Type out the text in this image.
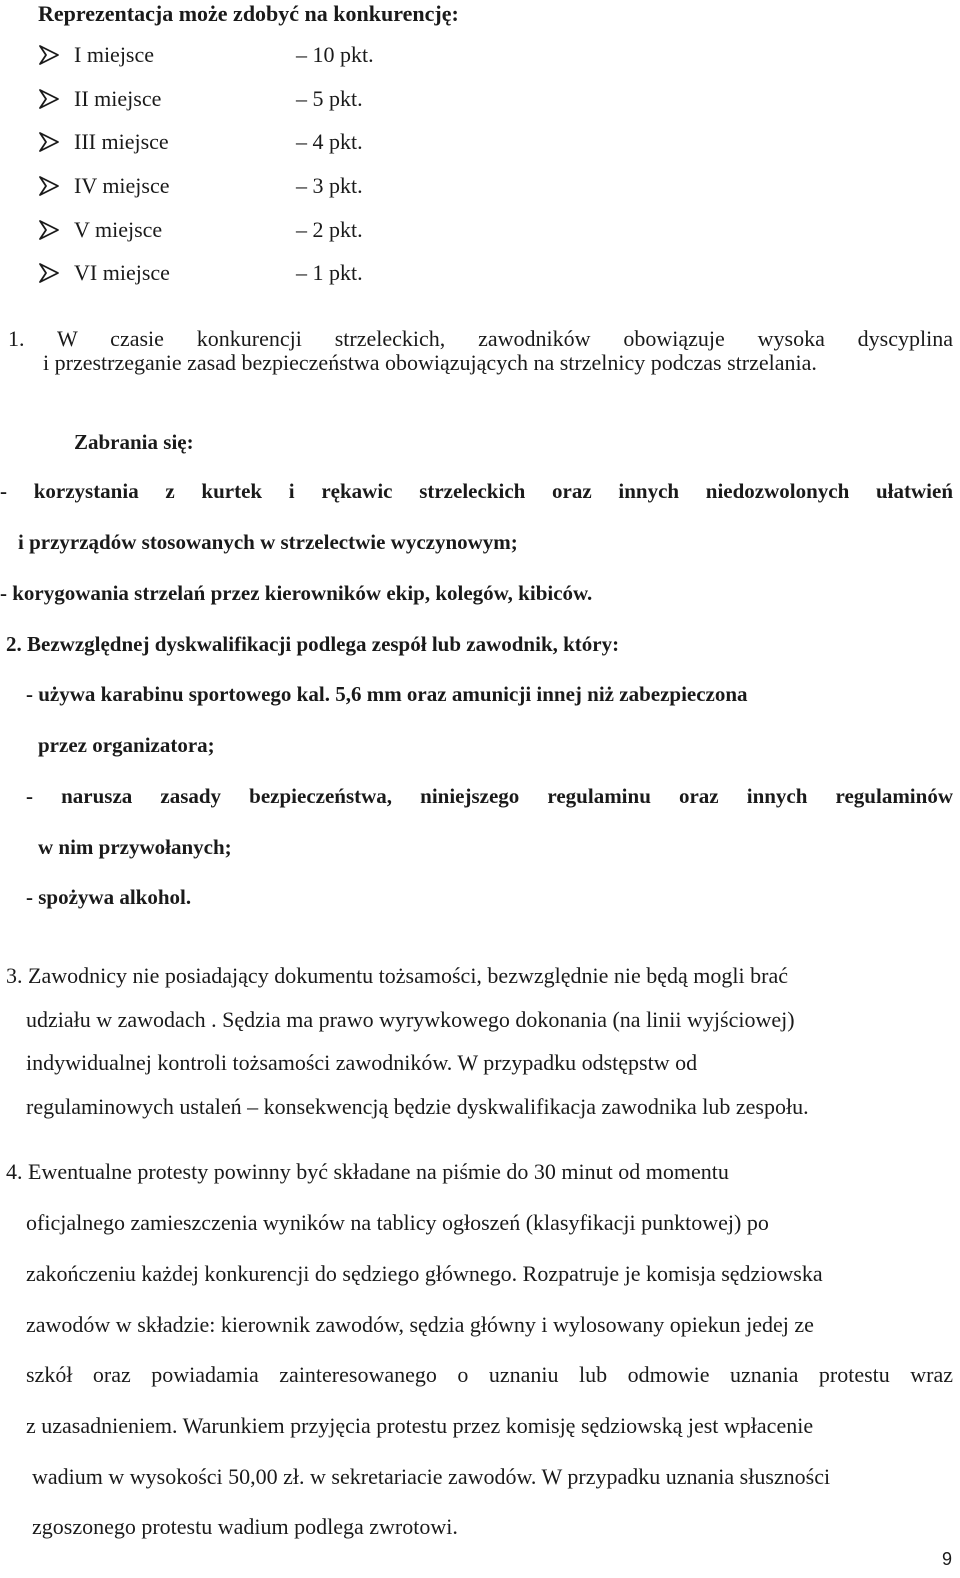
Reprezentacja może zdobyć na konkurencję:
I miejsce	– 10 pkt.
II miejsce	– 5 pkt.
III miejsce	– 4 pkt.
IV miejsce	– 3 pkt.
V miejsce	– 2 pkt.
VI miejsce	– 1 pkt.
1. W czasie konkurencji strzeleckich, zawodników obowiązuje wysoka dyscyplina
i przestrzeganie zasad bezpieczeństwa obowiązujących na strzelnicy podczas strzelania.
Zabrania się:
- korzystania z kurtek i rękawic strzeleckich oraz innych niedozwolonych ułatwień
i przyrządów stosowanych w strzelectwie wyczynowym;
- korygowania strzelań przez kierowników ekip, kolegów, kibiców.
2. Bezwzględnej dyskwalifikacji podlega zespół lub zawodnik, który:
- używa karabinu sportowego kal. 5,6 mm oraz amunicji innej niż zabezpieczona
przez organizatora;
- narusza zasady bezpieczeństwa, niniejszego regulaminu oraz innych regulaminów
w nim przywołanych;
- spożywa alkohol.
3. Zawodnicy nie posiadający dokumentu tożsamości, bezwzględnie nie będą mogli brać
udziału w zawodach . Sędzia ma prawo wyrywkowego dokonania (na linii wyjściowej)
indywidualnej kontroli tożsamości zawodników. W przypadku odstępstw od
regulaminowych ustaleń – konsekwencją będzie dyskwalifikacja zawodnika lub zespołu.
4. Ewentualne protesty powinny być składane na piśmie do 30 minut od momentu
oficjalnego zamieszczenia wyników na tablicy ogłoszeń (klasyfikacji punktowej) po
zakończeniu każdej konkurencji do sędziego głównego. Rozpatruje je komisja sędziowska
zawodów w składzie: kierownik zawodów, sędzia główny i wylosowany opiekun jedej ze
szkół oraz powiadamia zainteresowanego o uznaniu lub odmowie uznania protestu wraz
z uzasadnieniem. Warunkiem przyjęcia protestu przez komisję sędziowską jest wpłacenie
wadium w wysokości 50,00 zł. w sekretariacie zawodów. W przypadku uznania słuszności
zgoszonego protestu wadium podlega zwrotowi.
9
